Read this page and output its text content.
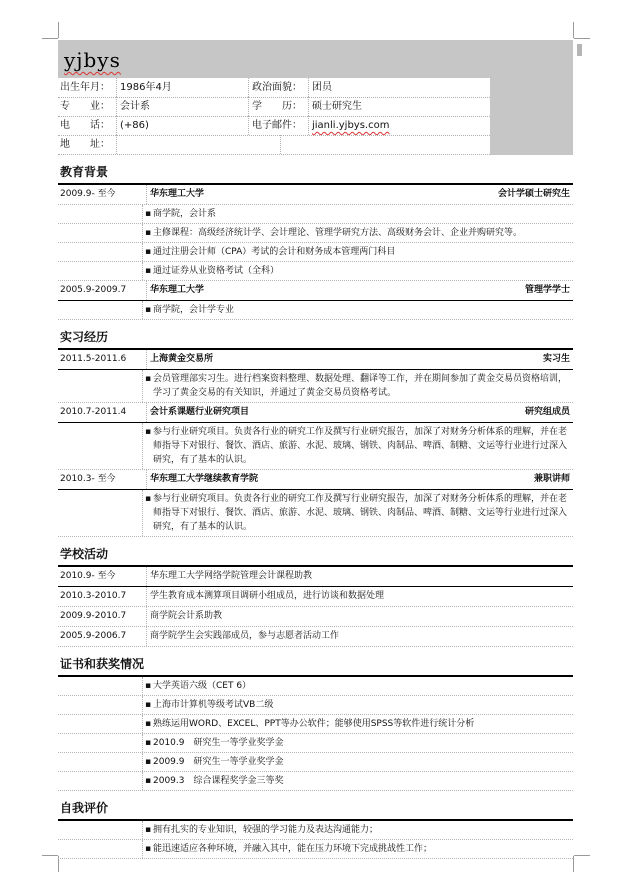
yjbys
出生年月： 1986年4月	政治面貌： 团员
专　　业： 会计系	学　　历： 硕士研究生
电　　话： (+86)	电子邮件： jianli.yjbys.com
地　　址：
教育背景
2009.9- 至今	华东理工大学	会计学硕士研究生
▪ 商学院，会计系
▪ 主修课程：高级经济统计学、会计理论、管理学研究方法、高级财务会计、企业并购研究等。
▪ 通过注册会计师（CPA）考试的会计和财务成本管理两门科目
▪ 通过证券从业资格考试（全科）
2005.9-2009.7	华东理工大学	管理学学士
▪ 商学院，会计学专业
实习经历
2011.5-2011.6	上海黄金交易所	实习生
▪ 会员管理部实习生。进行档案资料整理、数据处理、翻译等工作，并在期间参加了黄金交易员资格培训，学习了黄金交易的有关知识，并通过了黄金交易员资格考试。
2010.7-2011.4	会计系课题行业研究项目	研究组成员
▪ 参与行业研究项目。负责各行业的研究工作及撰写行业研究报告，加深了对财务分析体系的理解，并在老师指导下对银行、餐饮、酒店、旅游、水泥、玻璃、钢铁、肉制品、啤酒、制糖、文运等行业进行过深入研究，有了基本的认识。
2010.3- 至今	华东理工大学继续教育学院	兼职讲师
▪ 参与行业研究项目。负责各行业的研究工作及撰写行业研究报告，加深了对财务分析体系的理解，并在老师指导下对银行、餐饮、酒店、旅游、水泥、玻璃、钢铁、肉制品、啤酒、制糖、文运等行业进行过深入研究，有了基本的认识。
学校活动
2010.9- 至今	华东理工大学网络学院管理会计课程助教
2010.3-2010.7	学生教育成本测算项目调研小组成员，进行访谈和数据处理
2009.9-2010.7	商学院会计系助教
2005.9-2006.7	商学院学生会实践部成员，参与志愿者活动工作
证书和获奖情况
▪ 大学英语六级（CET 6）
▪ 上海市计算机等级考试VB二级
▪ 熟练运用WORD、EXCEL、PPT等办公软件；能够使用SPSS等软件进行统计分析
▪ 2010.9　研究生一等学业奖学金
▪ 2009.9　研究生一等学业奖学金
▪ 2009.3　综合课程奖学金三等奖
自我评价
▪ 拥有扎实的专业知识，较强的学习能力及表达沟通能力；
▪ 能迅速适应各种环境，并融入其中，能在压力环境下完成挑战性工作；
